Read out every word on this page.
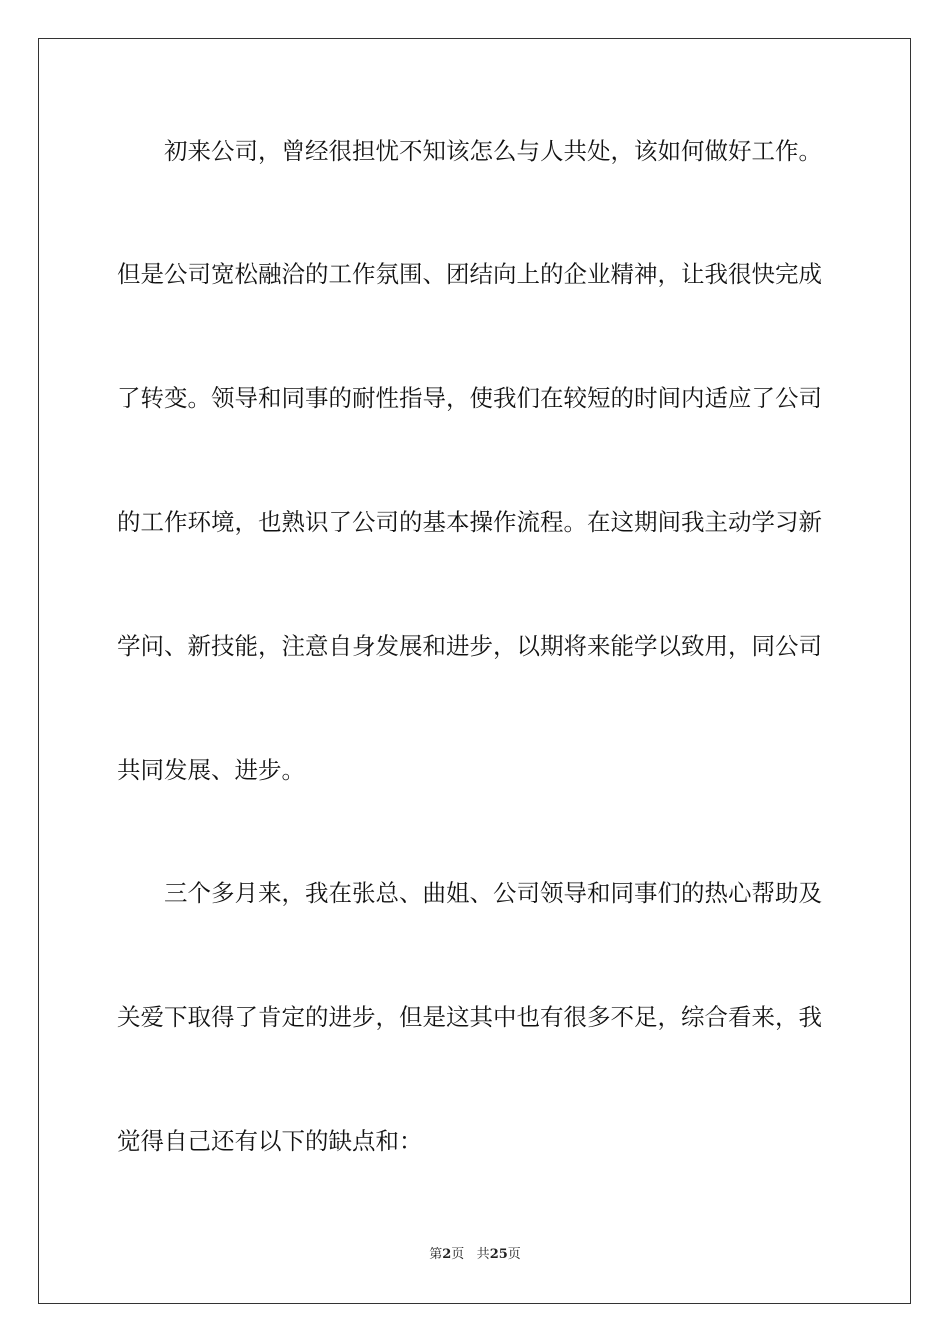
初来公司，曾经很担忧不知该怎么与人共处，该如何做好工作。
但是公司宽松融洽的工作氛围、团结向上的企业精神，让我很快完成
了转变。领导和同事的耐性指导，使我们在较短的时间内适应了公司
的工作环境，也熟识了公司的基本操作流程。在这期间我主动学习新
学问、新技能，注意自身发展和进步，以期将来能学以致用，同公司
共同发展、进步。
三个多月来，我在张总、曲姐、公司领导和同事们的热心帮助及
关爱下取得了肯定的进步，但是这其中也有很多不足，综合看来，我
觉得自己还有以下的缺点和：
第2页 共25页
